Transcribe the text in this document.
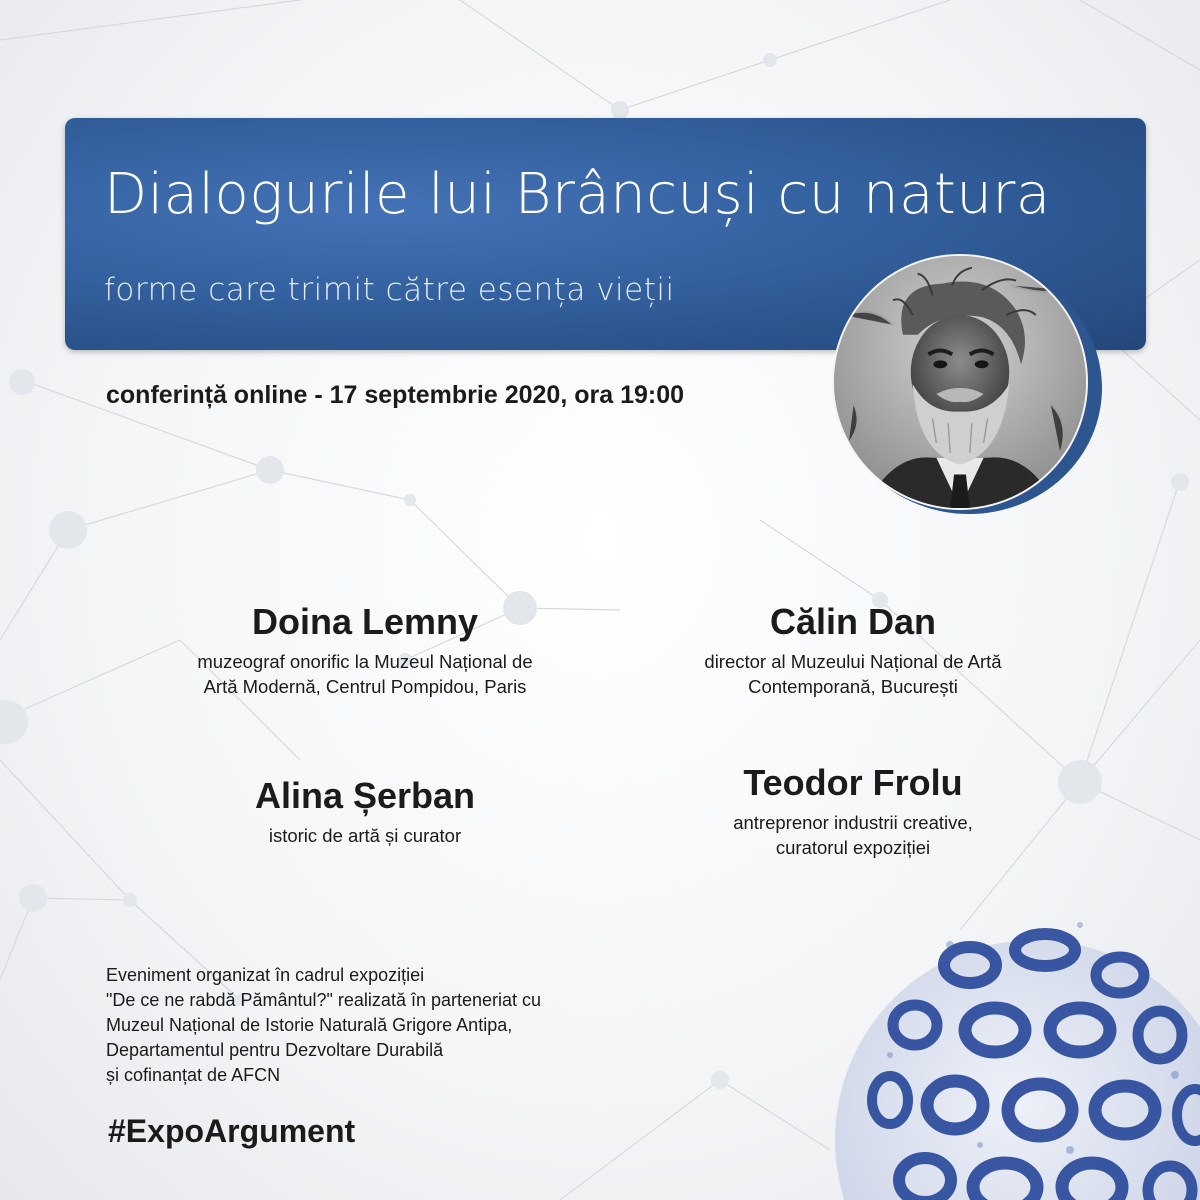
Dialogurile lui Brâncuși cu natura
forme care trimit către esența vieții

conferință online - 17 septembrie 2020, ora 19:00

Doina Lemny
muzeograf onorific la Muzeul Național de
Artă Modernă, Centrul Pompidou, Paris
Călin Dan
director al Muzeului Național de Artă
Contemporană, București
Alina Șerban
istoric de artă și curator
Teodor Frolu
antreprenor industrii creative,
curatorul expoziției
Eveniment organizat în cadrul expoziției
"De ce ne rabdă Pământul?" realizată în parteneriat cu
Muzeul Național de Istorie Naturală Grigore Antipa,
Departamentul pentru Dezvoltare Durabilă
și cofinanțat de AFCN

#ExpoArgument
